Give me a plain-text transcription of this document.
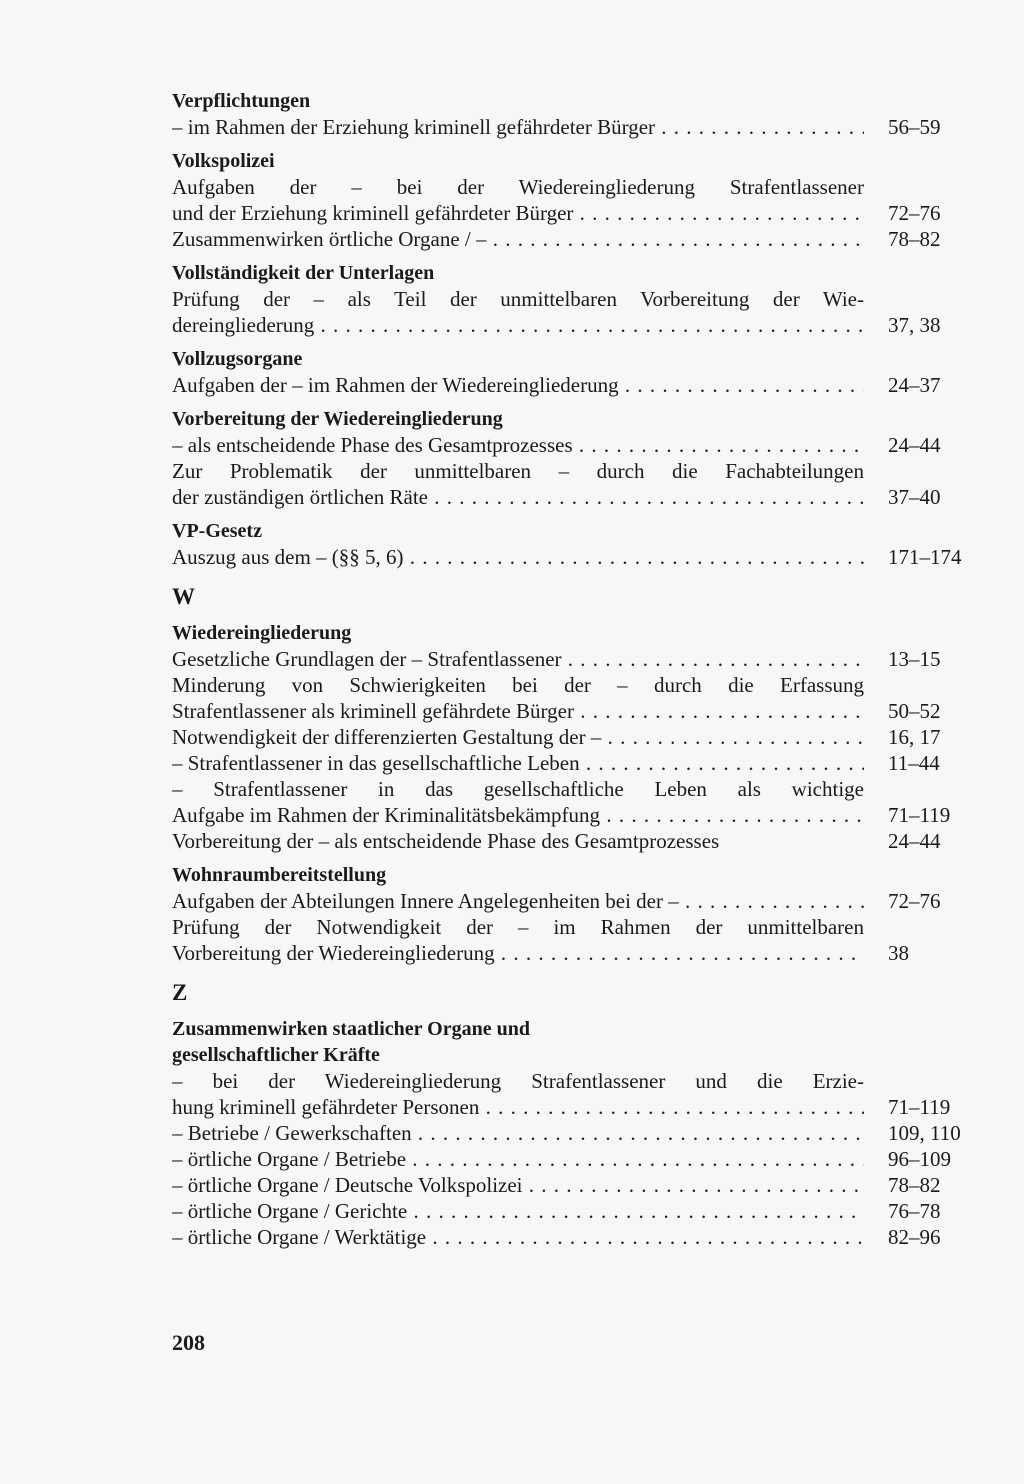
Verpflichtungen
– im Rahmen der Erziehung kriminell gefährdeter Bürger . . .	56–59
Volkspolizei
Aufgaben der – bei der Wiedereingliederung Strafentlassener
und der Erziehung kriminell gefährdeter Bürger . . .	72–76
Zusammenwirken örtliche Organe / – . . .	78–82
Vollständigkeit der Unterlagen
Prüfung der – als Teil der unmittelbaren Vorbereitung der Wie-
dereingliederung . . .	37, 38
Vollzugsorgane
Aufgaben der – im Rahmen der Wiedereingliederung . . .	24–37
Vorbereitung der Wiedereingliederung
– als entscheidende Phase des Gesamtprozesses . . .	24–44
Zur Problematik der unmittelbaren – durch die Fachabteilungen
der zuständigen örtlichen Räte . . .	37–40
VP-Gesetz
Auszug aus dem – (§§ 5, 6) . . .	171–174
W
Wiedereingliederung
Gesetzliche Grundlagen der – Strafentlassener . . .	13–15
Minderung von Schwierigkeiten bei der – durch die Erfassung
Strafentlassener als kriminell gefährdete Bürger . . .	50–52
Notwendigkeit der differenzierten Gestaltung der – . . .	16, 17
– Strafentlassener in das gesellschaftliche Leben . . .	11–44
– Strafentlassener in das gesellschaftliche Leben als wichtige
Aufgabe im Rahmen der Kriminalitätsbekämpfung . . .	71–119
Vorbereitung der – als entscheidende Phase des Gesamtprozesses	24–44
Wohnraumbereitstellung
Aufgaben der Abteilungen Innere Angelegenheiten bei der – . . .	72–76
Prüfung der Notwendigkeit der – im Rahmen der unmittelbaren
Vorbereitung der Wiedereingliederung . . .	38
Z
Zusammenwirken staatlicher Organe und
gesellschaftlicher Kräfte
– bei der Wiedereingliederung Strafentlassener und die Erzie-
hung kriminell gefährdeter Personen . . .	71–119
– Betriebe / Gewerkschaften . . .	109, 110
– örtliche Organe / Betriebe . . .	96–109
– örtliche Organe / Deutsche Volkspolizei . . .	78–82
– örtliche Organe / Gerichte . . .	76–78
– örtliche Organe / Werktätige . . .	82–96
208
